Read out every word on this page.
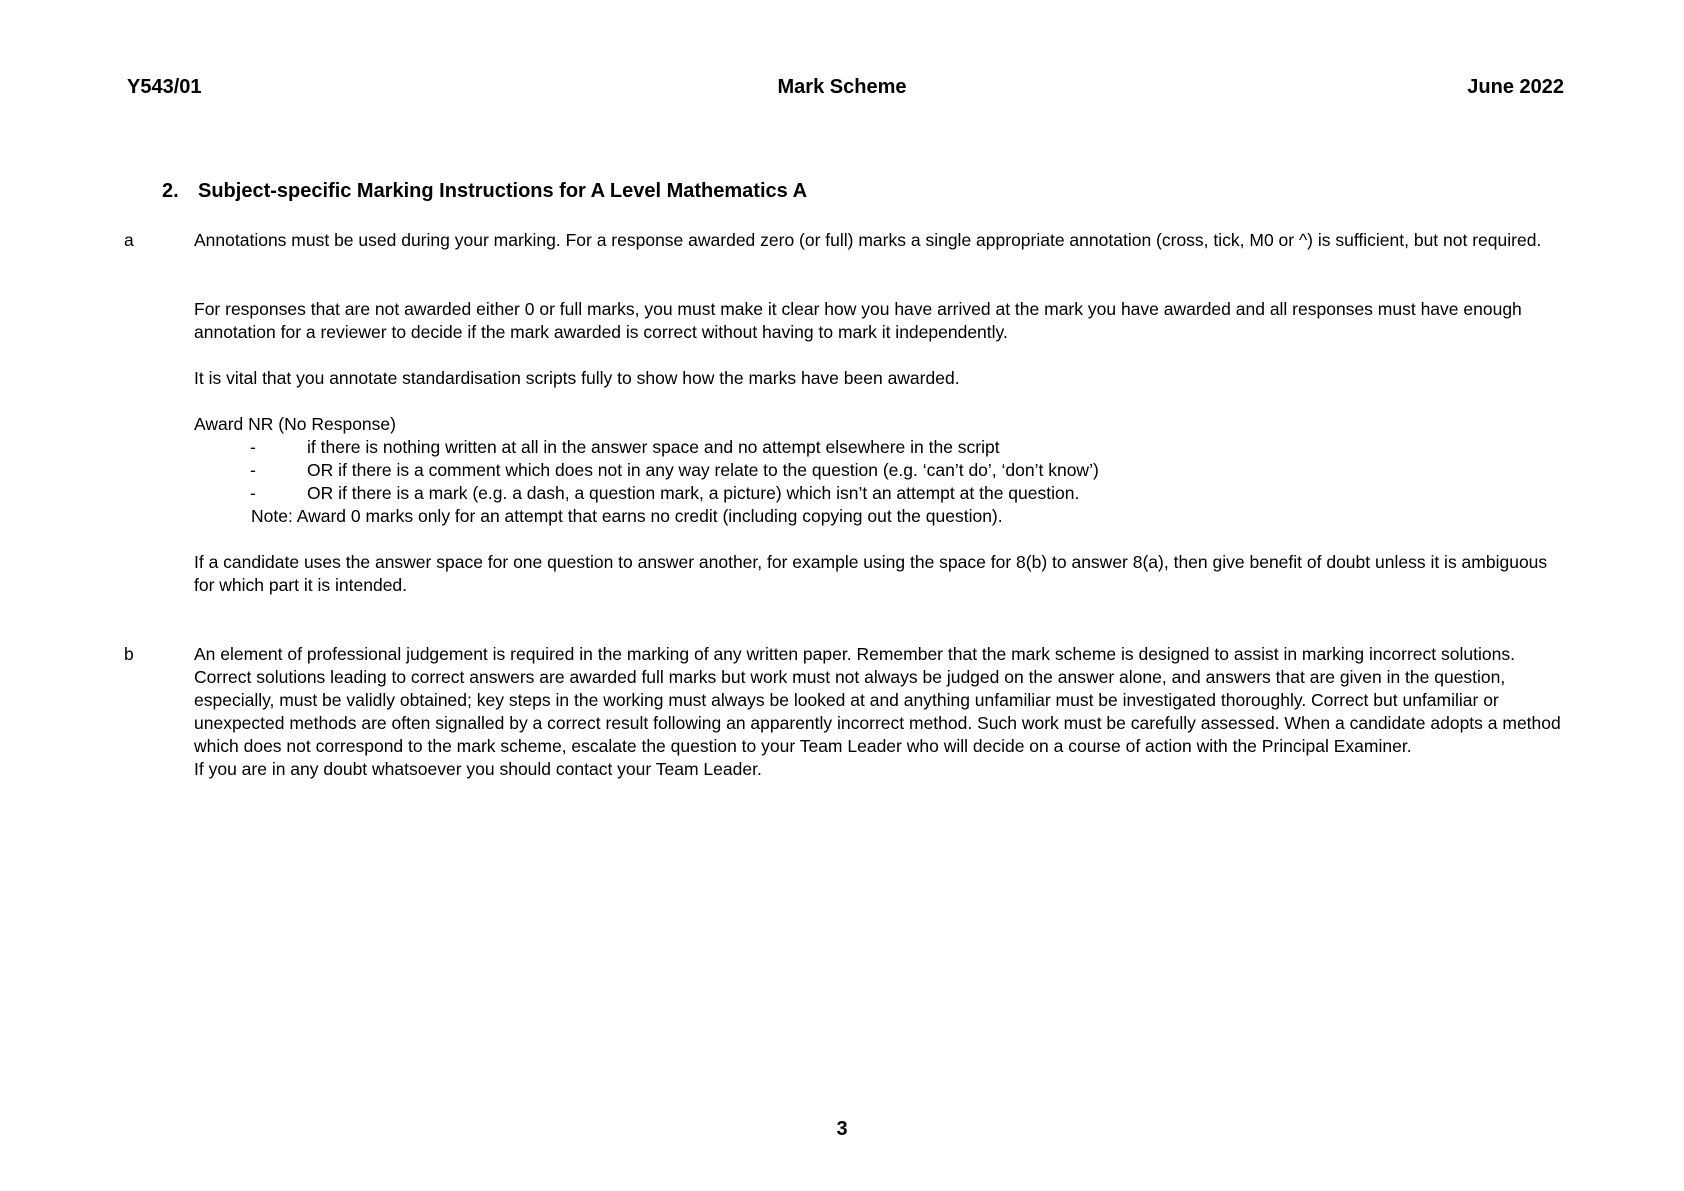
Y543/01	Mark Scheme	June 2022
2. Subject-specific Marking Instructions for A Level Mathematics A
a	Annotations must be used during your marking. For a response awarded zero (or full) marks a single appropriate annotation (cross, tick, M0 or ^) is sufficient, but not required.

For responses that are not awarded either 0 or full marks, you must make it clear how you have arrived at the mark you have awarded and all responses must have enough annotation for a reviewer to decide if the mark awarded is correct without having to mark it independently.

It is vital that you annotate standardisation scripts fully to show how the marks have been awarded.

Award NR (No Response)
-	if there is nothing written at all in the answer space and no attempt elsewhere in the script
-	OR if there is a comment which does not in any way relate to the question (e.g. ‘can’t do’, ‘don’t know’)
-	OR if there is a mark (e.g. a dash, a question mark, a picture) which isn’t an attempt at the question.
Note: Award 0 marks only for an attempt that earns no credit (including copying out the question).

If a candidate uses the answer space for one question to answer another, for example using the space for 8(b) to answer 8(a), then give benefit of doubt unless it is ambiguous for which part it is intended.

b	An element of professional judgement is required in the marking of any written paper. Remember that the mark scheme is designed to assist in marking incorrect solutions. Correct solutions leading to correct answers are awarded full marks but work must not always be judged on the answer alone, and answers that are given in the question, especially, must be validly obtained; key steps in the working must always be looked at and anything unfamiliar must be investigated thoroughly. Correct but unfamiliar or unexpected methods are often signalled by a correct result following an apparently incorrect method. Such work must be carefully assessed. When a candidate adopts a method which does not correspond to the mark scheme, escalate the question to your Team Leader who will decide on a course of action with the Principal Examiner.

If you are in any doubt whatsoever you should contact your Team Leader.

3
